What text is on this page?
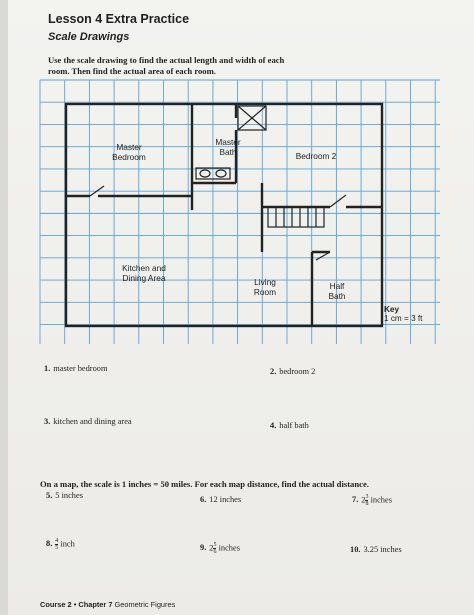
Lesson 4 Extra Practice
Scale Drawings
Use the scale drawing to find the actual length and width of each
room. Then find the actual area of each room.
Master
Bedroom
Master
Bath	Bedroom 2
Kitchen and
Dining Area	Living
Room
Half
Bath
Key
1 cm = 3 ft
1. master bedroom	2. bedroom 2
3. kitchen and dining area	4. half bath
On a map, the scale is 1 inches = 50 miles. For each map distance, find the actual distance.
5. 5 inches	6. 12 inches	7. $2 \frac{3}{8}$ inches
8. $\frac{4}{5}$ inch	9. $2 \frac{5}{6}$ inches	10. 3.25 inches
Course 2 • Chapter 7 Geometric Figures
